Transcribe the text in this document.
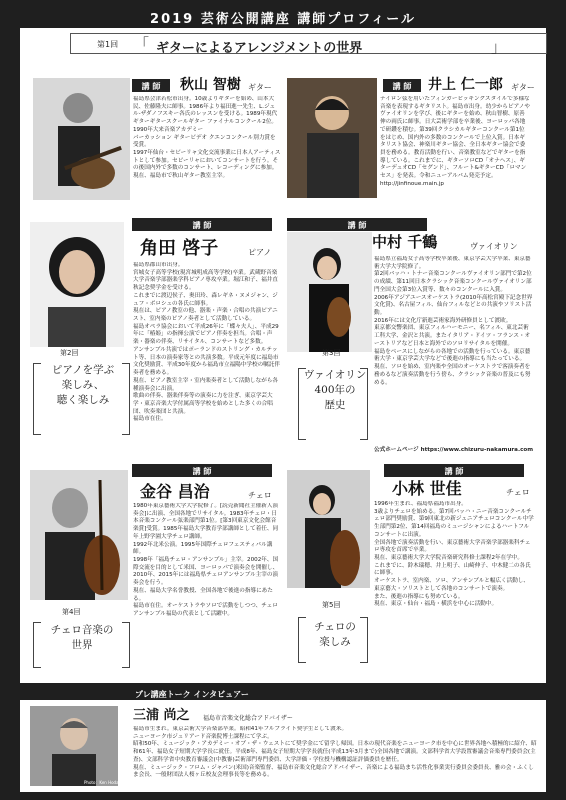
2019 芸術公開講座 講師プロフィール
第1回 「 ギターによるアレンジメントの世界	」
講 師	秋山 智樹 ギター
福島県会津若松市出身。10歳よりギターを始め、山本大民、佐藤隆夫に師事。1986年より福田進一先生、L.ジュル-ザダノフスキー各氏のレッスンを受ける。1989年現代ギターギタースクールギター ファイナルコンクール2位。1990年大来音楽アカデミー
パーカッション ギタービデオ クエンコンクール別力賞を受賞。
1997年仙台・セビーリャ文化交流事業に日本人アーティストとして参加。セビーリャにおいてコンサートを行う。その後国内外で多数のコンサート、レコーディングに参加。
現在、福島市で秋山ギター教室主宰。
講 師	井上 仁一郎 ギター
ナイロン弦を用いたフィンガーピッキングスタイルで多様な音楽を表現するギタリスト。福島市出身。幼少からピアノやヴァイオリンを学び、後にギターを始め、秋山智樹、原善伸の両氏に師事。日大芸術学部を卒業後、ヨーロッパ各地で研鑽を積む。第39回クラシカルギターコンクール第1位をはじめ、国内外の多数のコンクールで上位入賞。日本ギタリスト協会、神楽川ギター協会、全日本ギター協会で委員を務める。教育活動を行い、音楽教室などでギターを指導している。これまでに、ギターソロCD「オナヘス」、ギターデュオCD「セグンド」、フルート&ギターCD「ロマンセス」を発表。令和ニューアルバム発売予定。http://jinfinoue.main.jp
講 師
角田 啓子	ピアノ
福島県郡山市出身。
宮城女子高等学校(現宮城明成高等学校)卒業。武蔵野音楽大学音楽学部器楽学科ピアノ専攻卒業。堀江和子、福井直秋記念奨学金を受ける。
これまでに渡辺侯子、奥田玲、森レギネ・ヌメジャン、ジュフ・ボロシュの各氏に師事。
現在は、ピアノ教室の他、器楽・声楽・合唱の共演ピアニスト、室内楽のピアノ奏者として活動している。
福島オペラ協会において平成26年に「蝶々夫人」、平成29年に「椿姫」の指揮公演でピアノ伴奏を担当。合唱・声楽・器楽の伴奏、リサイタル、コンサートなど多数。
アンサンブル共演ではポーランドのストリング・カルテット等、日本の演奏家等との共演多数。平成元年度に福島市文化奨励賞、平成30年度から福島市立福陽中学校の嘱託伴奏者を務める。
現在、ピアノ教室主宰・室内楽奏者として活動しながら各種演奏会に出演。
歌曲の伴奏、器楽伴奏等の演奏に力を注ぎ、東京学芸大学・東京音楽大学付属高等学校を始めとした多くの合唱団、吹奏楽団と共演。
福島市在住。
第2回
ピアノを学ぶ
楽しみ、
聴く楽しみ
講 師
中村 千鶴	ヴァイオリン
福島県立福島女子高等学校卒業後、東京学芸大学卒業、東京藝術大学大学院修了。
第2回バッハ・トナー音楽コンクールヴァイオリン部門で第2位の成績、第11回日本クラシック音楽コンクールヴァイオリン部門全国大会第3位入賞等、数々のコンクールに入賞。
2006年アジアユースオーケストラ(2010年高松宮殿下記念世界文化賞)、名古屋フィル、仙台フィルなどとの共演やソリスト活動。
2016年には文化庁新進芸術家海外研修員として渡欧。
東京都交響楽団、東京フィルハーモニー、名フィル、東北芸術工科大学、金沢と共演。またイタリア・ドイツ・フランス・オーストリアなど日本と海外でのソロリサイタルを開催。
福島をベースにしながらの各地での活動を行っている。東京藝術大学・東京学芸大学などで後進の指導にも当たっている。
現在、ソロを始め、室内楽や全国のオーケストラで客演奏者を務めるなど演奏活動を行う傍ら、クラシック音楽の普及にも努める。
公式ホームページ https://www.chizuru-nakamura.com
第3回
ヴァイオリン
400年の
歴史
講 師
金谷 昌治	チェロ
1980年東京藝術大学大学院修了。[読売新聞社主催新人演奏会]に出演、全国各地でリサイタル。1983年チェロ・日本音楽コンクール弦楽部門第1位。[第3回東京文化会館音楽賞]受賞。1985年福島大学教育学部講師として着任、同年上野学園大学チェロ講師。
1992年北米公演。1995年国際チェロフェスティバル講師。
1998年「福島チェロ・アンサンブル」主宰。2002年、国際交流を目的として米国、ヨーロッパで演奏会を開催し、2010年、2015年には福島県チェロアンサンブル主宰の演奏会を行う。
現在、福島大学名誉教授、全国各地で後進の指導にあたる。
福島市在住。オーケストラやソロで活動をしつつ、チェロアンサンブル福島の代表として活躍中。
第4回
チェロ音楽の
世界
講 師
小林 世佳	チェロ
1996年生まれ、福島県福島市出身。
3歳よりチェロを始める。第7回バッハ・ニー音楽コンクールチェロ部門奨励賞、第9回東北の新ジュニアチェロコンクール中学生部門第2位、第14回福島のミュージシャンによるハートフルコンサートに出演。
全国各地で演奏活動を行い、東京藝術大学音楽学部器楽科チェロ専攻を首席で卒業。
現在、東京藝術大学大学院音楽研究科修士課程2年在学中。
これまでに、鈴木瑞穂、井上明子、山崎伸子、中木健二の各氏に師事。
オーケストラ、室内楽、ソロ、アンサンブルと幅広く活動し、東京藝大・ソリストとして各地のコンサートで演奏。
また、後進の指導にも努めている。
現在、東京・仙台・福島・横浜を中心に活動中。
第5回
チェロの
楽しみ
プレ講座トーク インタビュアー
Photo：Ken Hoda
三浦 尚之 福島市音楽文化総合アドバイザー
福島市生まれ。東京芸術大学音楽部卒業。昭和41年フルブライト奨学生として渡米。
ニューヨーク市ジュリアード音楽院博士課程にて学ぶ。
昭和50年、ミュージック・アカデミー・オブ・ザ・ウェストにて奨学金にて留学し帰国。日本の現代音楽をニューヨーク市を中心に世界各地へ積極的に紹介、昭和61年、福島女子短期大学学長に就任。平成8年、福島女子短期大学学長就任(平成13年3月まで)全国各地で講演。文部科学省大学設置審議会音楽専門委員会(主査)、文部科学省中央教育審議会(中教審)芸術部門専門委員、大学評価・学位授与機構認証評価委員を歴任。
現在、ミュージック・フロム・ジャパン(米国)音楽監督、福島市音楽文化総合アドバイザー、音楽による福島まち活性化事業実行委員会委員長、雅の会・ふくしま会長、一般財団法人桜ヶ丘校友会理事長等を務める。
